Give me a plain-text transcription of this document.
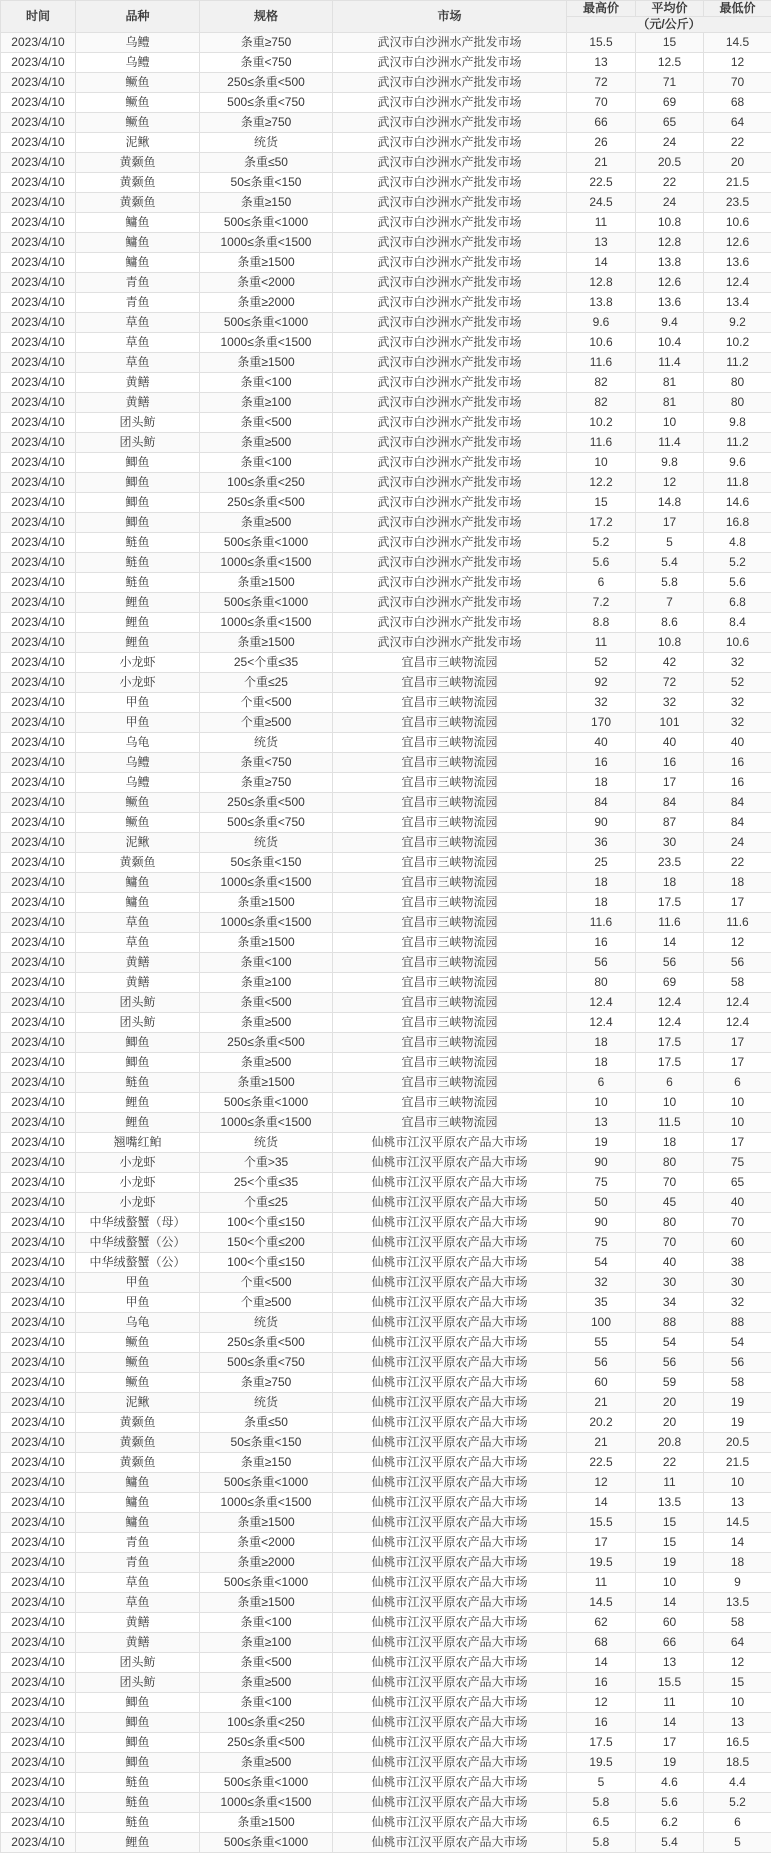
时间	品种	规格	市场	最高价	平均价	最低价
				（元/公斤）		
2023/4/10	乌鳢	条重≥750	武汉市白沙洲水产批发市场	15.5	15	14.5
2023/4/10	乌鳢	条重<750	武汉市白沙洲水产批发市场	13	12.5	12
2023/4/10	鳜鱼	250≤条重<500	武汉市白沙洲水产批发市场	72	71	70
2023/4/10	鳜鱼	500≤条重<750	武汉市白沙洲水产批发市场	70	69	68
2023/4/10	鳜鱼	条重≥750	武汉市白沙洲水产批发市场	66	65	64
2023/4/10	泥鳅	统货	武汉市白沙洲水产批发市场	26	24	22
2023/4/10	黄颡鱼	条重≤50	武汉市白沙洲水产批发市场	21	20.5	20
2023/4/10	黄颡鱼	50≤条重<150	武汉市白沙洲水产批发市场	22.5	22	21.5
2023/4/10	黄颡鱼	条重≥150	武汉市白沙洲水产批发市场	24.5	24	23.5
2023/4/10	鳙鱼	500≤条重<1000	武汉市白沙洲水产批发市场	11	10.8	10.6
2023/4/10	鳙鱼	1000≤条重<1500	武汉市白沙洲水产批发市场	13	12.8	12.6
2023/4/10	鳙鱼	条重≥1500	武汉市白沙洲水产批发市场	14	13.8	13.6
2023/4/10	青鱼	条重<2000	武汉市白沙洲水产批发市场	12.8	12.6	12.4
2023/4/10	青鱼	条重≥2000	武汉市白沙洲水产批发市场	13.8	13.6	13.4
2023/4/10	草鱼	500≤条重<1000	武汉市白沙洲水产批发市场	9.6	9.4	9.2
2023/4/10	草鱼	1000≤条重<1500	武汉市白沙洲水产批发市场	10.6	10.4	10.2
2023/4/10	草鱼	条重≥1500	武汉市白沙洲水产批发市场	11.6	11.4	11.2
2023/4/10	黄鳝	条重<100	武汉市白沙洲水产批发市场	82	81	80
2023/4/10	黄鳝	条重≥100	武汉市白沙洲水产批发市场	82	81	80
2023/4/10	团头鲂	条重<500	武汉市白沙洲水产批发市场	10.2	10	9.8
2023/4/10	团头鲂	条重≥500	武汉市白沙洲水产批发市场	11.6	11.4	11.2
2023/4/10	鲫鱼	条重<100	武汉市白沙洲水产批发市场	10	9.8	9.6
2023/4/10	鲫鱼	100≤条重<250	武汉市白沙洲水产批发市场	12.2	12	11.8
2023/4/10	鲫鱼	250≤条重<500	武汉市白沙洲水产批发市场	15	14.8	14.6
2023/4/10	鲫鱼	条重≥500	武汉市白沙洲水产批发市场	17.2	17	16.8
2023/4/10	鲢鱼	500≤条重<1000	武汉市白沙洲水产批发市场	5.2	5	4.8
2023/4/10	鲢鱼	1000≤条重<1500	武汉市白沙洲水产批发市场	5.6	5.4	5.2
2023/4/10	鲢鱼	条重≥1500	武汉市白沙洲水产批发市场	6	5.8	5.6
2023/4/10	鲤鱼	500≤条重<1000	武汉市白沙洲水产批发市场	7.2	7	6.8
2023/4/10	鲤鱼	1000≤条重<1500	武汉市白沙洲水产批发市场	8.8	8.6	8.4
2023/4/10	鲤鱼	条重≥1500	武汉市白沙洲水产批发市场	11	10.8	10.6
2023/4/10	小龙虾	25<个重≤35	宜昌市三峡物流园	52	42	32
2023/4/10	小龙虾	个重≤25	宜昌市三峡物流园	92	72	52
2023/4/10	甲鱼	个重<500	宜昌市三峡物流园	32	32	32
2023/4/10	甲鱼	个重≥500	宜昌市三峡物流园	170	101	32
2023/4/10	乌龟	统货	宜昌市三峡物流园	40	40	40
2023/4/10	乌鳢	条重<750	宜昌市三峡物流园	16	16	16
2023/4/10	乌鳢	条重≥750	宜昌市三峡物流园	18	17	16
2023/4/10	鳜鱼	250≤条重<500	宜昌市三峡物流园	84	84	84
2023/4/10	鳜鱼	500≤条重<750	宜昌市三峡物流园	90	87	84
2023/4/10	泥鳅	统货	宜昌市三峡物流园	36	30	24
2023/4/10	黄颡鱼	50≤条重<150	宜昌市三峡物流园	25	23.5	22
2023/4/10	鳙鱼	1000≤条重<1500	宜昌市三峡物流园	18	18	18
2023/4/10	鳙鱼	条重≥1500	宜昌市三峡物流园	18	17.5	17
2023/4/10	草鱼	1000≤条重<1500	宜昌市三峡物流园	11.6	11.6	11.6
2023/4/10	草鱼	条重≥1500	宜昌市三峡物流园	16	14	12
2023/4/10	黄鳝	条重<100	宜昌市三峡物流园	56	56	56
2023/4/10	黄鳝	条重≥100	宜昌市三峡物流园	80	69	58
2023/4/10	团头鲂	条重<500	宜昌市三峡物流园	12.4	12.4	12.4
2023/4/10	团头鲂	条重≥500	宜昌市三峡物流园	12.4	12.4	12.4
2023/4/10	鲫鱼	250≤条重<500	宜昌市三峡物流园	18	17.5	17
2023/4/10	鲫鱼	条重≥500	宜昌市三峡物流园	18	17.5	17
2023/4/10	鲢鱼	条重≥1500	宜昌市三峡物流园	6	6	6
2023/4/10	鲤鱼	500≤条重<1000	宜昌市三峡物流园	10	10	10
2023/4/10	鲤鱼	1000≤条重<1500	宜昌市三峡物流园	13	11.5	10
2023/4/10	翘嘴红鲌	统货	仙桃市江汉平原农产品大市场	19	18	17
2023/4/10	小龙虾	个重>35	仙桃市江汉平原农产品大市场	90	80	75
2023/4/10	小龙虾	25<个重≤35	仙桃市江汉平原农产品大市场	75	70	65
2023/4/10	小龙虾	个重≤25	仙桃市江汉平原农产品大市场	50	45	40
2023/4/10	中华绒螯蟹（母）	100<个重≤150	仙桃市江汉平原农产品大市场	90	80	70
2023/4/10	中华绒螯蟹（公）	150<个重≤200	仙桃市江汉平原农产品大市场	75	70	60
2023/4/10	中华绒螯蟹（公）	100<个重≤150	仙桃市江汉平原农产品大市场	54	40	38
2023/4/10	甲鱼	个重<500	仙桃市江汉平原农产品大市场	32	30	30
2023/4/10	甲鱼	个重≥500	仙桃市江汉平原农产品大市场	35	34	32
2023/4/10	乌龟	统货	仙桃市江汉平原农产品大市场	100	88	88
2023/4/10	鳜鱼	250≤条重<500	仙桃市江汉平原农产品大市场	55	54	54
2023/4/10	鳜鱼	500≤条重<750	仙桃市江汉平原农产品大市场	56	56	56
2023/4/10	鳜鱼	条重≥750	仙桃市江汉平原农产品大市场	60	59	58
2023/4/10	泥鳅	统货	仙桃市江汉平原农产品大市场	21	20	19
2023/4/10	黄颡鱼	条重≤50	仙桃市江汉平原农产品大市场	20.2	20	19
2023/4/10	黄颡鱼	50≤条重<150	仙桃市江汉平原农产品大市场	21	20.8	20.5
2023/4/10	黄颡鱼	条重≥150	仙桃市江汉平原农产品大市场	22.5	22	21.5
2023/4/10	鳙鱼	500≤条重<1000	仙桃市江汉平原农产品大市场	12	11	10
2023/4/10	鳙鱼	1000≤条重<1500	仙桃市江汉平原农产品大市场	14	13.5	13
2023/4/10	鳙鱼	条重≥1500	仙桃市江汉平原农产品大市场	15.5	15	14.5
2023/4/10	青鱼	条重<2000	仙桃市江汉平原农产品大市场	17	15	14
2023/4/10	青鱼	条重≥2000	仙桃市江汉平原农产品大市场	19.5	19	18
2023/4/10	草鱼	500≤条重<1000	仙桃市江汉平原农产品大市场	11	10	9
2023/4/10	草鱼	条重≥1500	仙桃市江汉平原农产品大市场	14.5	14	13.5
2023/4/10	黄鳝	条重<100	仙桃市江汉平原农产品大市场	62	60	58
2023/4/10	黄鳝	条重≥100	仙桃市江汉平原农产品大市场	68	66	64
2023/4/10	团头鲂	条重<500	仙桃市江汉平原农产品大市场	14	13	12
2023/4/10	团头鲂	条重≥500	仙桃市江汉平原农产品大市场	16	15.5	15
2023/4/10	鲫鱼	条重<100	仙桃市江汉平原农产品大市场	12	11	10
2023/4/10	鲫鱼	100≤条重<250	仙桃市江汉平原农产品大市场	16	14	13
2023/4/10	鲫鱼	250≤条重<500	仙桃市江汉平原农产品大市场	17.5	17	16.5
2023/4/10	鲫鱼	条重≥500	仙桃市江汉平原农产品大市场	19.5	19	18.5
2023/4/10	鲢鱼	500≤条重<1000	仙桃市江汉平原农产品大市场	5	4.6	4.4
2023/4/10	鲢鱼	1000≤条重<1500	仙桃市江汉平原农产品大市场	5.8	5.6	5.2
2023/4/10	鲢鱼	条重≥1500	仙桃市江汉平原农产品大市场	6.5	6.2	6
2023/4/10	鲤鱼	500≤条重<1000	仙桃市江汉平原农产品大市场	5.8	5.4	5
